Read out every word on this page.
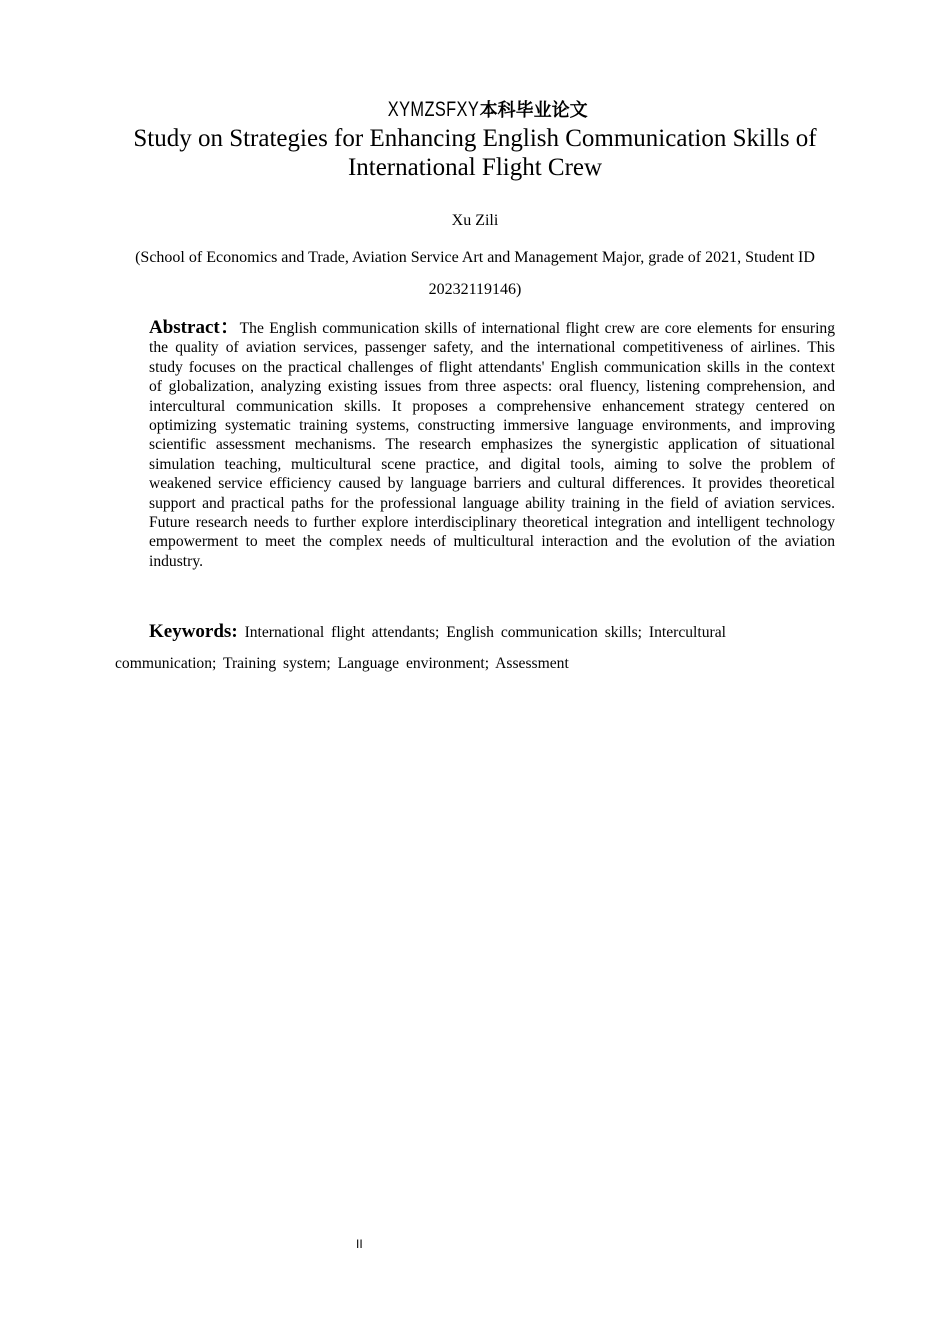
XYMZSFXY本科毕业论文
Study on Strategies for Enhancing English Communication Skills of International Flight Crew
Xu Zili
(School of Economics and Trade, Aviation Service Art and Management Major, grade of 2021, Student ID 20232119146)
Abstract：The English communication skills of international flight crew are core elements for ensuring the quality of aviation services, passenger safety, and the international competitiveness of airlines. This study focuses on the practical challenges of flight attendants' English communication skills in the context of globalization, analyzing existing issues from three aspects: oral fluency, listening comprehension, and intercultural communication skills. It proposes a comprehensive enhancement strategy centered on optimizing systematic training systems, constructing immersive language environments, and improving scientific assessment mechanisms. The research emphasizes the synergistic application of situational simulation teaching, multicultural scene practice, and digital tools, aiming to solve the problem of weakened service efficiency caused by language barriers and cultural differences. It provides theoretical support and practical paths for the professional language ability training in the field of aviation services. Future research needs to further explore interdisciplinary theoretical integration and intelligent technology empowerment to meet the complex needs of multicultural interaction and the evolution of the aviation industry.
Keywords: International flight attendants; English communication skills; Intercultural communication; Training system; Language environment; Assessment
II
